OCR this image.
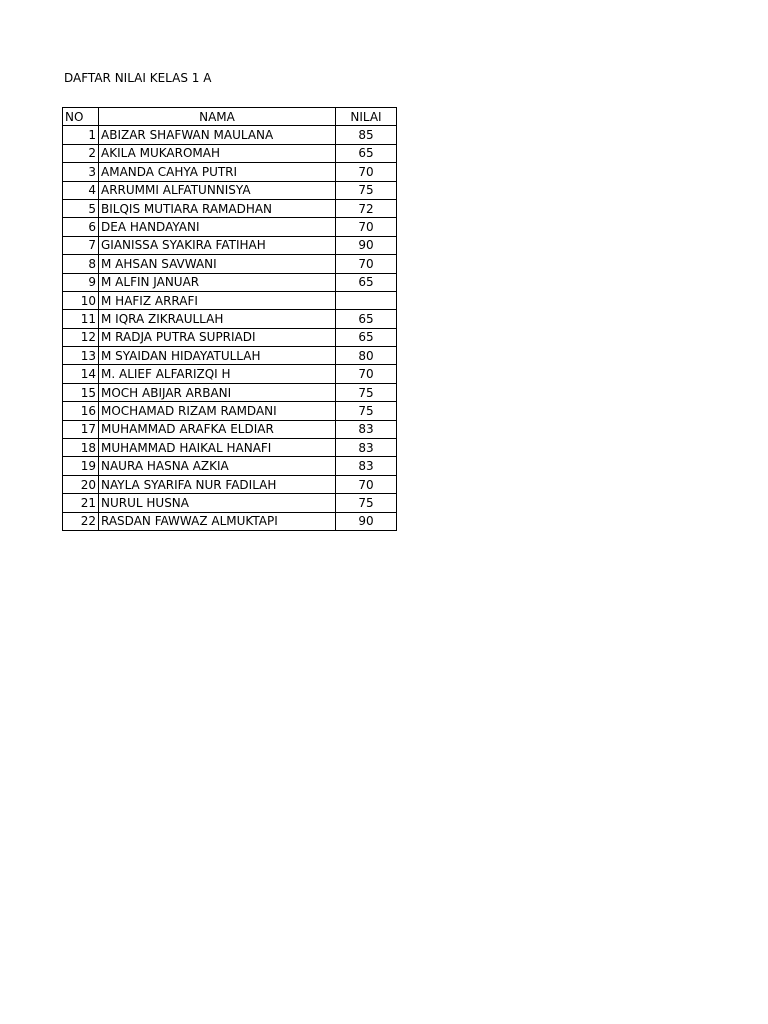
DAFTAR NILAI KELAS 1 A
NO	NAMA	NILAI
1	ABIZAR SHAFWAN MAULANA	85
2	AKILA MUKAROMAH	65
3	AMANDA CAHYA PUTRI	70
4	ARRUMMI ALFATUNNISYA	75
5	BILQIS MUTIARA RAMADHAN	72
6	DEA HANDAYANI	70
7	GIANISSA SYAKIRA FATIHAH	90
8	M AHSAN SAVWANI	70
9	M ALFIN JANUAR	65
10	M HAFIZ ARRAFI	
11	M IQRA ZIKRAULLAH	65
12	M RADJA PUTRA SUPRIADI	65
13	M SYAIDAN HIDAYATULLAH	80
14	M. ALIEF ALFARIZQI H	70
15	MOCH ABIJAR ARBANI	75
16	MOCHAMAD RIZAM RAMDANI	75
17	MUHAMMAD ARAFKA ELDIAR	83
18	MUHAMMAD HAIKAL HANAFI	83
19	NAURA HASNA AZKIA	83
20	NAYLA SYARIFA NUR FADILAH	70
21	NURUL HUSNA	75
22	RASDAN FAWWAZ ALMUKTAPI	90
